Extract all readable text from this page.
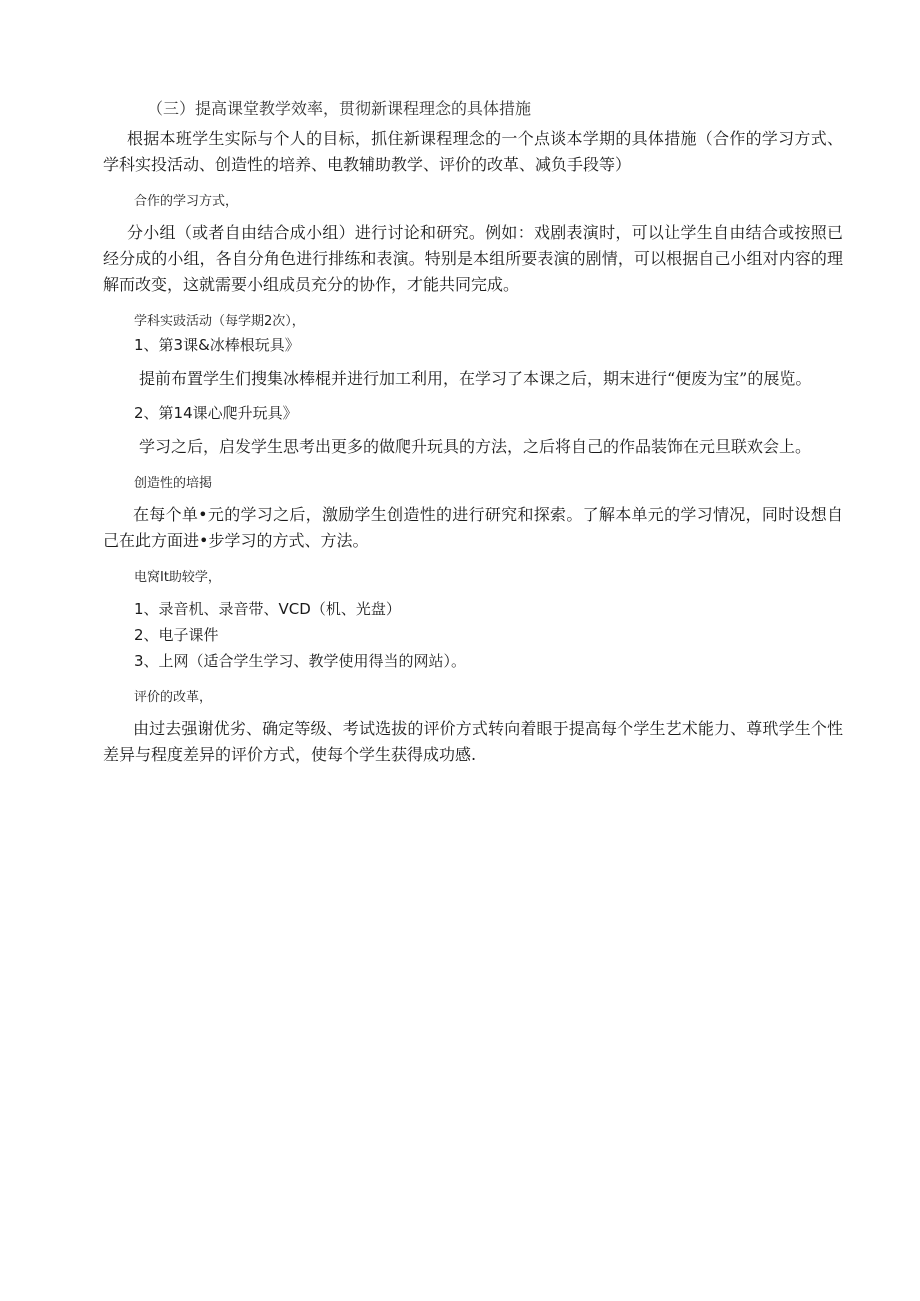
（三）提高课堂教学效率，贯彻新课程理念的具体措施

根据本班学生实际与个人的目标，抓住新课程理念的一个点谈本学期的具体措施（合作的学习方式、学科实投活动、创造性的培养、电教辅助教学、评价的改革、减负手段等）

合作的学习方式，

分小组（或者自由结合成小组）进行讨论和研究。例如：戏剧表演时，可以让学生自由结合或按照已经分成的小组，各自分角色进行排练和表演。特别是本组所要表演的剧情，可以根据自己小组对内容的理解而改变，这就需要小组成员充分的协作，才能共同完成。

学科实豉活动（每学期2次），
1、第3课&冰棒根玩具》

提前布置学生们搜集冰棒棍并进行加工利用，在学习了本课之后，期末进行“便废为宝”的展览。

2、第14课心爬升玩具》

学习之后，启发学生思考出更多的做爬升玩具的方法，之后将自己的作品装饰在元旦联欢会上。

创造性的培掲

在每个单•元的学习之后，激励学生创造性的进行研究和探索。了解本单元的学习情况，同时设想自己在此方面进•步学习的方式、方法。

电窝It助较学，
1、录音机、录音带、VCD（机、光盘）
2、电子课件
3、上网（适合学生学习、教学使用得当的网站）。
评价的改革，

由过去强谢优劣、确定等级、考试选拔的评价方式转向着眼于提高每个学生艺术能力、尊玳学生个性差异与程度差异的评价方式，使每个学生获得成功感.
